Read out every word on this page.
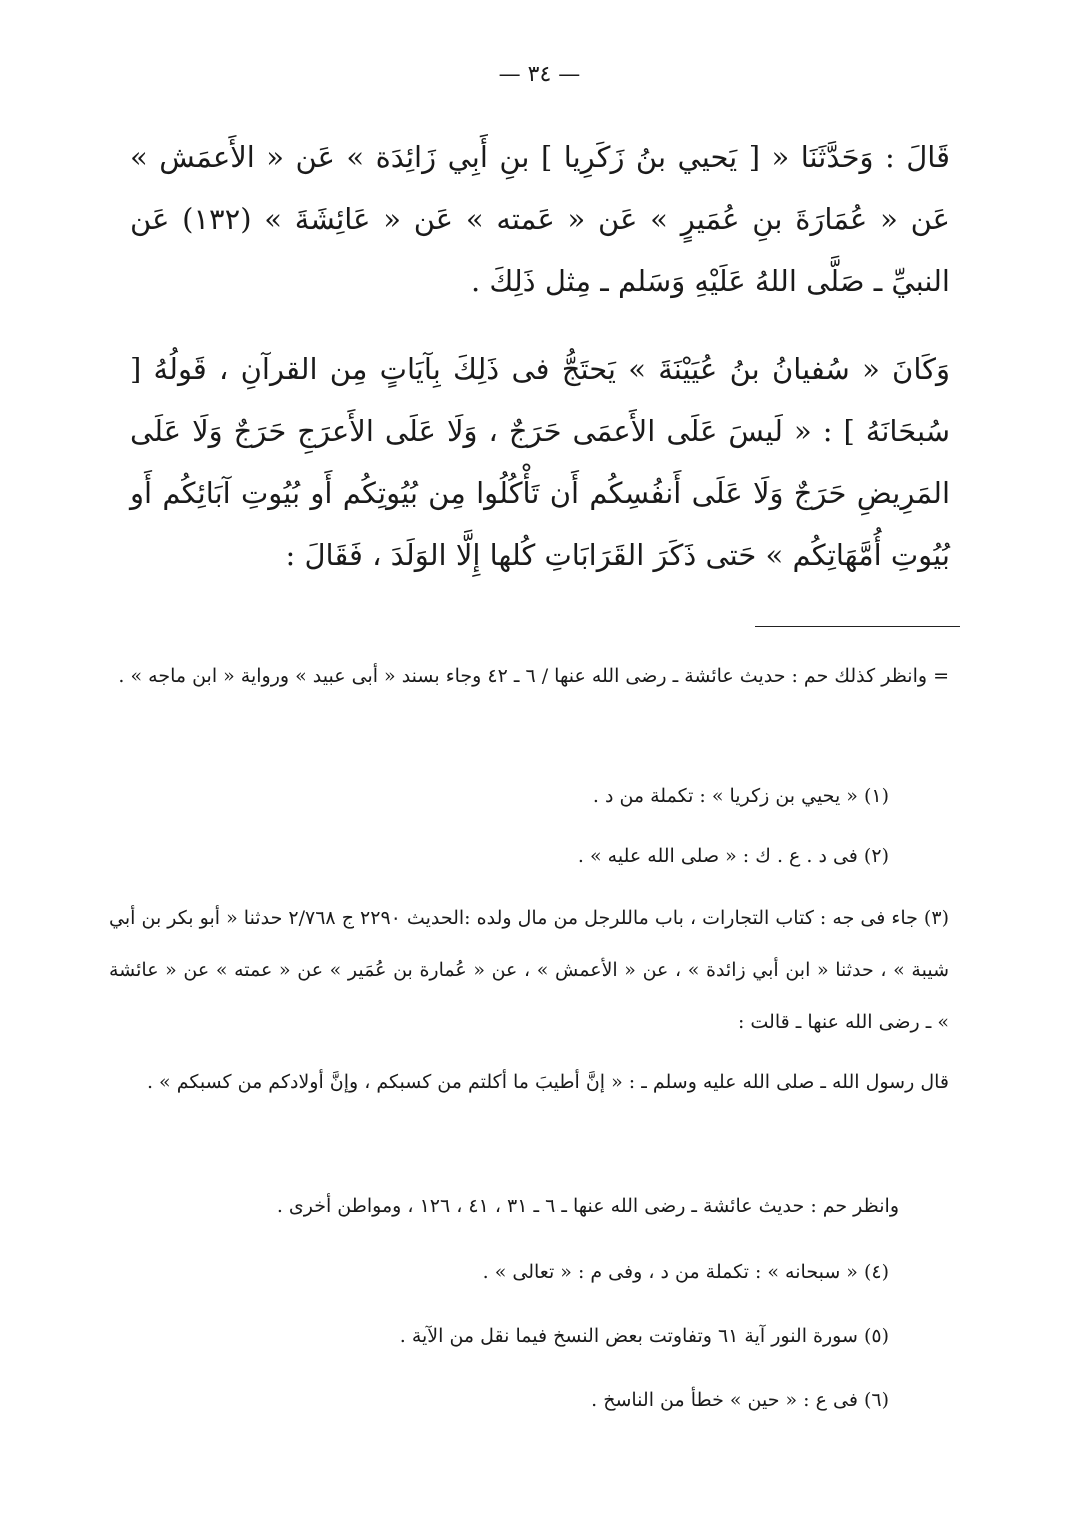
— ٣٤ —
قَالَ : وَحَدَّثَنَا « [ يَحيي بنُ زَكَرِيا ] بنِ أَبِي زَائِدَة » عَن « الأَعمَش » عَن « عُمَارَةَ بنِ عُمَيرٍ » عَن « عَمته » عَن « عَائِشَةَ » (١٣٢) عَن النبيِّ ـ صَلَّى اللهُ عَلَيْهِ وَسَلم ـ مِثل ذَلِكَ .
وَكَانَ « سُفيانُ بنُ عُيَيْنَةَ » يَحتَجُّ فى ذَلِكَ بِآيَاتٍ مِن القرآنِ ، قَولُهُ [ سُبحَانَهُ ] : « لَيسَ عَلَى الأَعمَى حَرَجٌ ، وَلَا عَلَى الأَعرَجِ حَرَجٌ وَلَا عَلَى المَرِيضِ حَرَجٌ وَلَا عَلَى أَنفُسِكُم أَن تَأْكُلُوا مِن بُيُوتِكُم أَو بُيُوتِ آبَائِكُم أَو بُيُوتِ أُمَّهَاتِكُم » حَتى ذَكَرَ القَرَابَاتِ كُلها إِلَّا الوَلَدَ ، فَقَالَ :
= وانظر كذلك حم : حديث عائشة ـ رضى الله عنها / ٦ ـ ٤٢ وجاء بسند « أبى عبيد » ورواية « ابن ماجه » .
(١) « يحيي بن زكريا » : تكملة من د .
(٢) فى د . ع . ك : « صلى الله عليه » .
(٣) جاء فى جه : كتاب التجارات ، باب ماللرجل من مال ولده :الحديث ٢٢٩٠ ج ٢/٧٦٨ حدثنا « أبو بكر بن أبي شيبة » ، حدثنا « ابن أبي زائدة » ، عن « الأعمش » ، عن « عُمارة بن عُمَير » عن « عمته » عن « عائشة » ـ رضى الله عنها ـ قالت :
قال رسول الله ـ صلى الله عليه وسلم ـ : « إنَّ أطيبَ ما أكلتم من كسبكم ، وإنَّ أولادكم من كسبكم » .
وانظر حم : حديث عائشة ـ رضى الله عنها ـ ٦ ـ ٣١ ، ٤١ ، ١٢٦ ، ومواطن أخرى .
(٤) « سبحانه » : تكملة من د ، وفى م : « تعالى » .
(٥) سورة النور آية ٦١ وتفاوتت بعض النسخ فيما نقل من الآية .
(٦) فى ع : « حين » خطأ من الناسخ .
